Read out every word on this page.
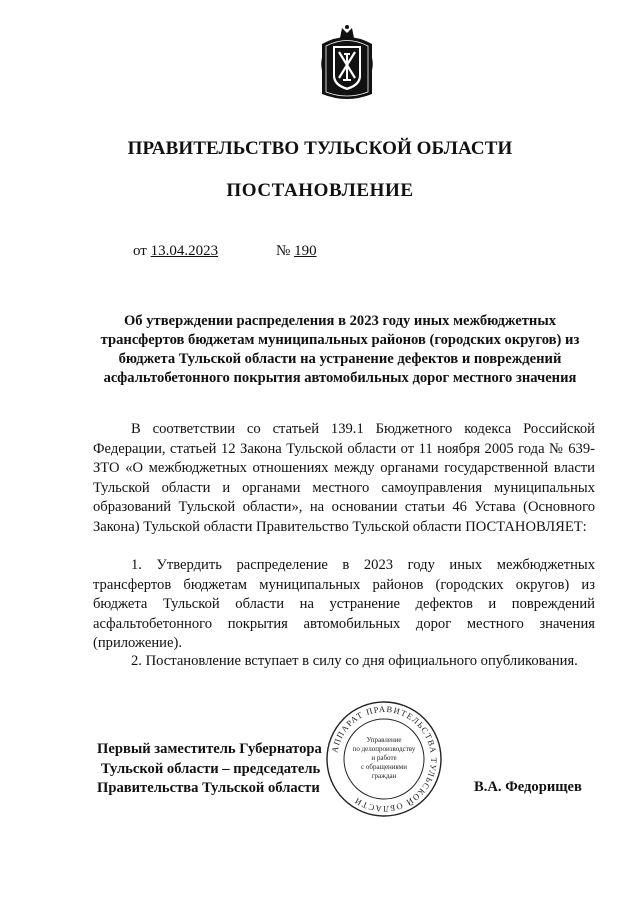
ПРАВИТЕЛЬСТВО ТУЛЬСКОЙ ОБЛАСТИ
ПОСТАНОВЛЕНИЕ
от 13.04.2023	№ 190
Об утверждении распределения в 2023 году иных межбюджетных трансфертов бюджетам муниципальных районов (городских округов) из бюджета Тульской области на устранение дефектов и повреждений асфальтобетонного покрытия автомобильных дорог местного значения
В соответствии со статьей 139.1 Бюджетного кодекса Российской Федерации, статьей 12 Закона Тульской области от 11 ноября 2005 года № 639-ЗТО «О межбюджетных отношениях между органами государственной власти Тульской области и органами местного самоуправления муниципальных образований Тульской области», на основании статьи 46 Устава (Основного Закона) Тульской области Правительство Тульской области ПОСТАНОВЛЯЕТ:
1. Утвердить распределение в 2023 году иных межбюджетных трансфертов бюджетам муниципальных районов (городских округов) из бюджета Тульской области на устранение дефектов и повреждений асфальтобетонного покрытия автомобильных дорог местного значения (приложение).
2. Постановление вступает в силу со дня официального опубликования.
Первый заместитель Губернатора
Тульской области – председатель
Правительства Тульской области
АППАРАТ ПРАВИТЕЛЬСТВА ТУЛЬСКОЙ ОБЛАСТИ
Управление
по делопроизводству
и работе
с обращениями
граждан
В.А. Федорищев
